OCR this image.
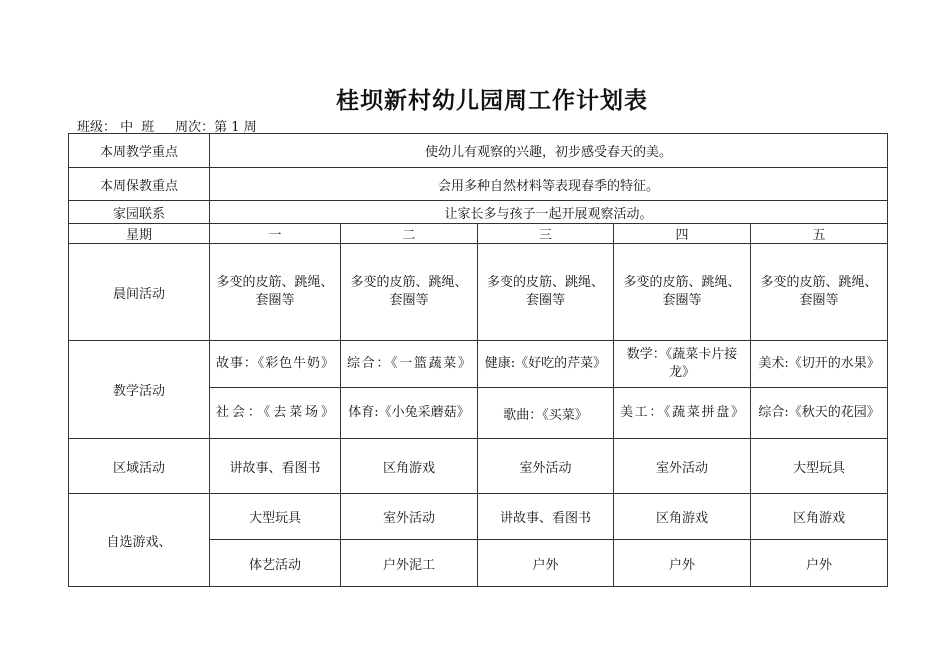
桂坝新村幼儿园周工作计划表
班级： 中  班 周次：第 1 周
本周教学重点	使幼儿有观察的兴趣，初步感受春天的美。				
本周保教重点	会用多种自然材料等表现春季的特征。				
家园联系	让家长多与孩子一起开展观察活动。				
星期	一	二	三	四	五
晨间活动	多变的皮筋、跳绳、套圈等	多变的皮筋、跳绳、套圈等	多变的皮筋、跳绳、套圈等	多变的皮筋、跳绳、套圈等	多变的皮筋、跳绳、套圈等
教学活动	故事：《彩色牛奶》	综合：《一篮蔬菜》	健康:《好吃的芹菜》	数学：《蔬菜卡片接龙》	美术:《切开的水果》
	社会：《去菜场》	体育:《小兔采蘑菇》	歌曲：《买菜》	美工：《蔬菜拼盘》	综合:《秋天的花园》
区域活动	讲故事、看图书	区角游戏	室外活动	室外活动	大型玩具
自选游戏、	大型玩具	室外活动	讲故事、看图书	区角游戏	区角游戏
	体艺活动	户外泥工	户外	户外	户外
